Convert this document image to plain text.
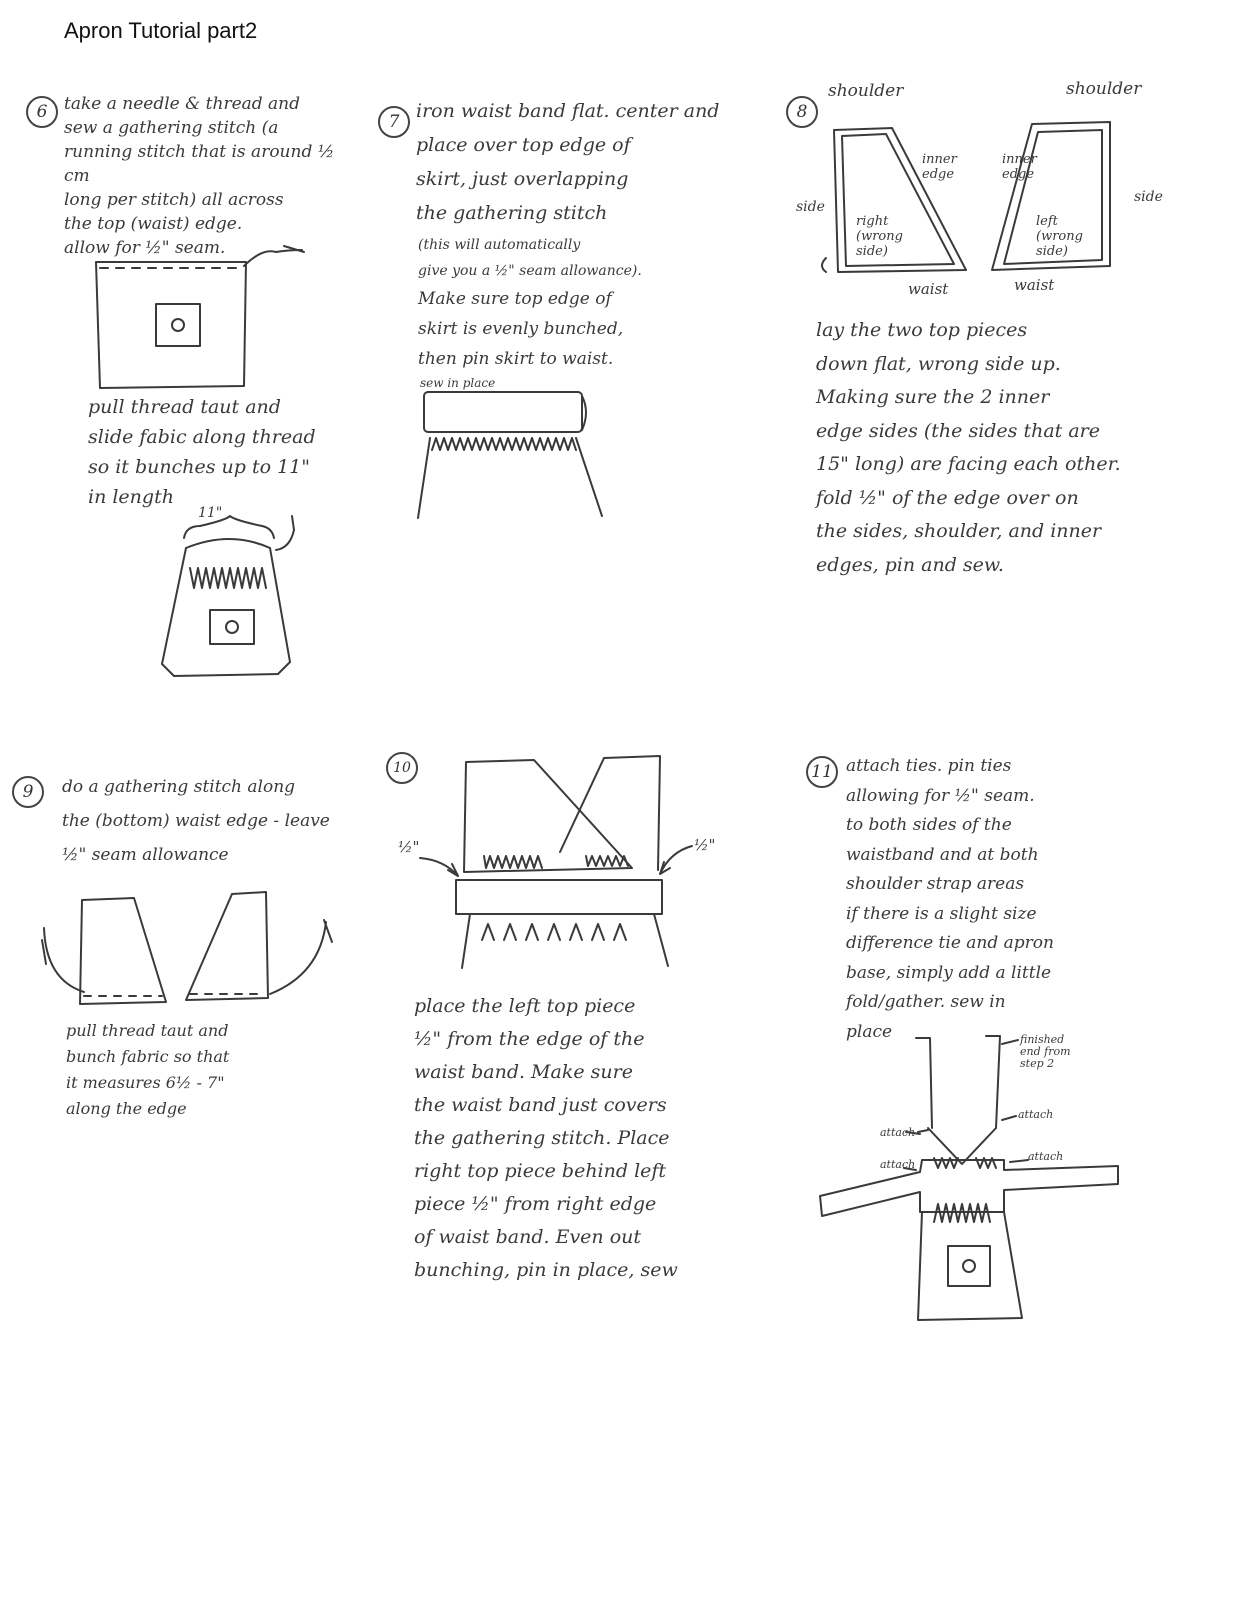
Apron Tutorial part2
6	7	8
9
10	11
take a needle & thread and
sew a gathering stitch (a
running stitch that is around ½ cm
long per stitch) all across
the top (waist) edge.
allow for ½" seam.
pull thread taut and
slide fabic along thread
so it bunches up to 11"
in length
11"
iron waist band flat. center and
place over top edge of
skirt, just overlapping
the gathering stitch
(this will automatically
give you a ½" seam allowance).
Make sure top edge of
skirt is evenly bunched,
then pin skirt to waist.
sew in place
shoulder	shoulder
inner
edge
inner
edge
side
side
right
(wrong
side)
left
(wrong
side)
waist	waist
lay the two top pieces
down flat, wrong side up.
Making sure the 2 inner
edge sides (the sides that are
15" long) are facing each other.
fold ½" of the edge over on
the sides, shoulder, and inner
edges, pin and sew.
do a gathering stitch along
the (bottom) waist edge - leave
½" seam allowance
pull thread taut and
bunch fabric so that
it measures 6½ - 7"
along the edge
½"	½"
place the left top piece
½" from the edge of the
waist band. Make sure
the waist band just covers
the gathering stitch. Place
right top piece behind left
piece ½" from right edge
of waist band. Even out
bunching, pin in place, sew
attach ties. pin ties
allowing for ½" seam.
to both sides of the
waistband and at both
shoulder strap areas
if there is a slight size
difference tie and apron
base, simply add a little
fold/gather. sew in
place	finished
end from
step 2
attach
attach
attach
attach
